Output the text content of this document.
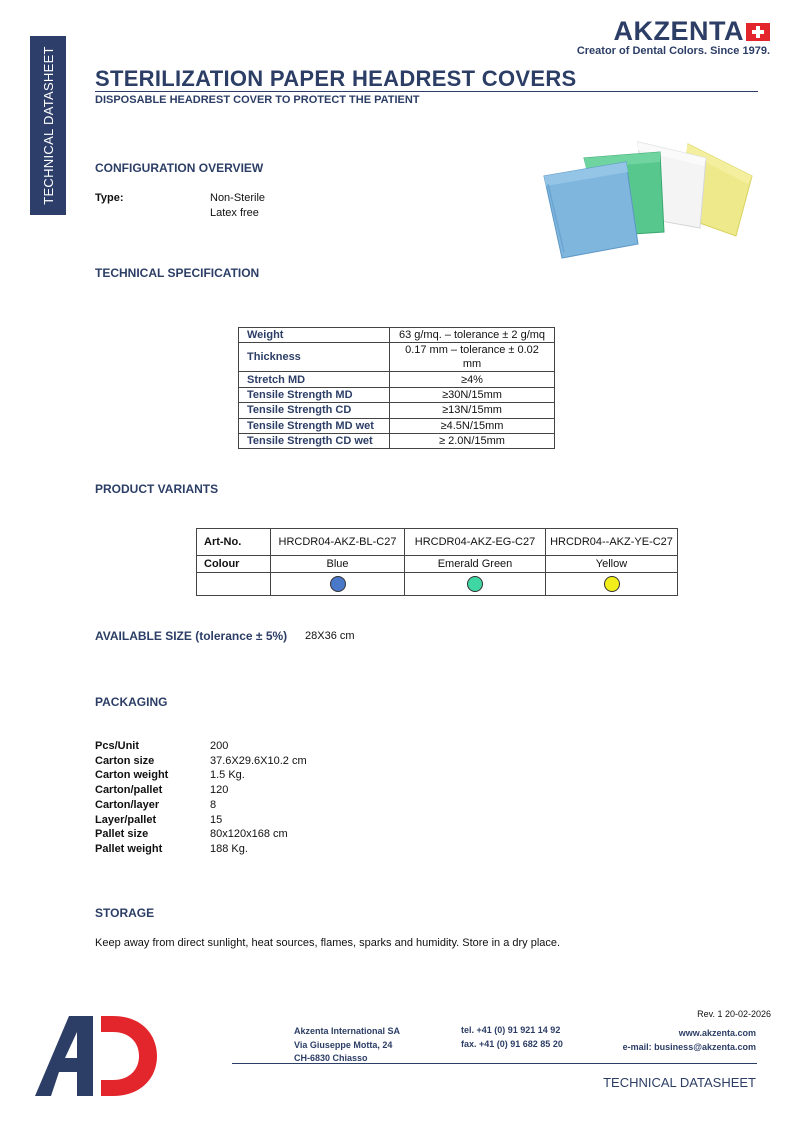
TECHNICAL DATASHEET
AKZENTA
Creator of Dental Colors. Since 1979.
STERILIZATION PAPER HEADREST COVERS
DISPOSABLE HEADREST COVER TO PROTECT THE PATIENT
CONFIGURATION OVERVIEW
Type:	Non-Sterile
Latex free
TECHNICAL SPECIFICATION
Weight	63 g/mq. – tolerance ± 2 g/mq
Thickness	0.17 mm – tolerance ± 0.02 mm
Stretch MD	≥4%
Tensile Strength MD	≥30N/15mm
Tensile Strength CD	≥13N/15mm
Tensile Strength MD wet	≥4.5N/15mm
Tensile Strength CD wet	≥ 2.0N/15mm
PRODUCT VARIANTS
Art-No.	HRCDR04-AKZ-BL-C27	HRCDR04-AKZ-EG-C27	HRCDR04--AKZ-YE-C27
Colour	Blue	Emerald Green	Yellow

AVAILABLE SIZE (tolerance ± 5%) 28X36 cm
PACKAGING
Pcs/Unit	200
Carton size	37.6X29.6X10.2 cm
Carton weight	1.5 Kg.
Carton/pallet	120
Carton/layer	8
Layer/pallet	15
Pallet size	80x120x168 cm
Pallet weight	188 Kg.
STORAGE
Keep away from direct sunlight, heat sources, flames, sparks and humidity. Store in a dry place.
Rev. 1 20-02-2026
Akzenta International SA
Via Giuseppe Motta, 24
CH-6830 Chiasso
tel. +41 (0) 91 921 14 92
fax. +41 (0) 91 682 85 20
www.akzenta.com
e-mail: business@akzenta.com
TECHNICAL DATASHEET
